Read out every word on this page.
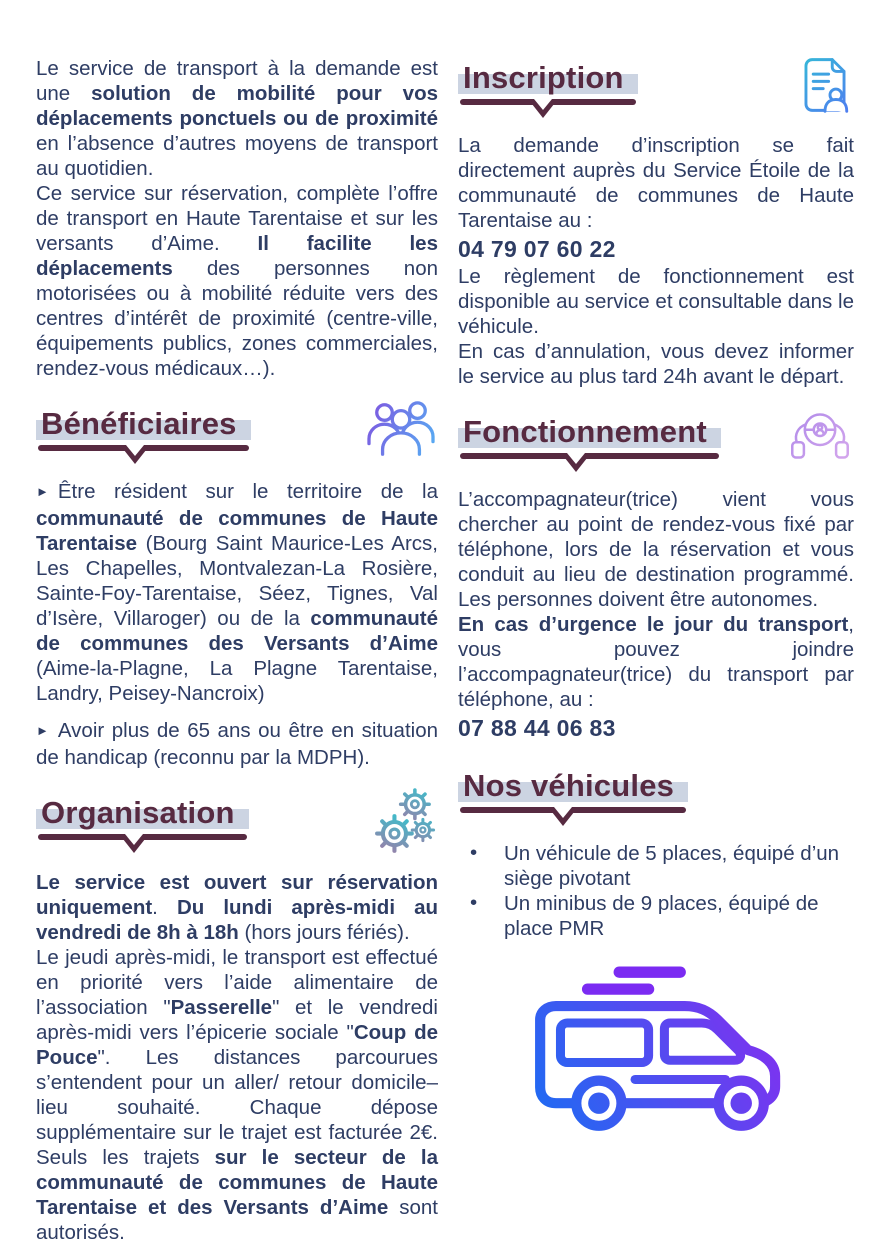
Le service de transport à la demande est une solution de mobilité pour vos déplacements ponctuels ou de proximité en l’absence d’autres moyens de transport au quotidien.

Ce service sur réservation, complète l’offre de transport en Haute Tarentaise et sur les versants d’Aime. Il facilite les déplacements des personnes non motorisées ou à mobilité réduite vers des centres d’intérêt de proximité (centre-ville, équipements publics, zones commerciales, rendez-vous médicaux…).

Bénéficiaires

► Être résident sur le territoire de la communauté de communes de Haute Tarentaise (Bourg Saint Maurice-Les Arcs, Les Chapelles, Montvalezan-La Rosière, Sainte-Foy-Tarentaise, Séez, Tignes, Val d’Isère, Villaroger) ou de la communauté de communes des Versants d’Aime (Aime-la-Plagne, La Plagne Tarentaise, Landry, Peisey-Nancroix)

► Avoir plus de 65 ans ou être en situation de handicap (reconnu par la MDPH).

Organisation

Le service est ouvert sur réservation uniquement. Du lundi après-midi au vendredi de 8h à 18h (hors jours fériés).

Le jeudi après-midi, le transport est effectué en priorité vers l’aide alimentaire de l’association "Passerelle" et le vendredi après-midi vers l’épicerie sociale "Coup de Pouce". Les distances parcourues s’entendent pour un aller/ retour domicile–lieu souhaité. Chaque dépose supplémentaire sur le trajet est facturée 2€. Seuls les trajets sur le secteur de la communauté de communes de Haute Tarentaise et des Versants d’Aime sont autorisés.

Inscription

La demande d’inscription se fait directement auprès du Service Étoile de la communauté de communes de Haute Tarentaise au :

04 79 07 60 22

Le règlement de fonctionnement est disponible au service et consultable dans le véhicule.

En cas d’annulation, vous devez informer le service au plus tard 24h avant le départ.

Fonctionnement

L’accompagnateur(trice) vient vous chercher au point de rendez-vous fixé par téléphone, lors de la réservation et vous conduit au lieu de destination programmé. Les personnes doivent être autonomes.

En cas d’urgence le jour du transport, vous pouvez joindre l’accompagnateur(trice) du transport par téléphone, au :

07 88 44 06 83

Nos véhicules

• Un véhicule de 5 places, équipé d’un siège pivotant

• Un minibus de 9 places, équipé de place PMR
